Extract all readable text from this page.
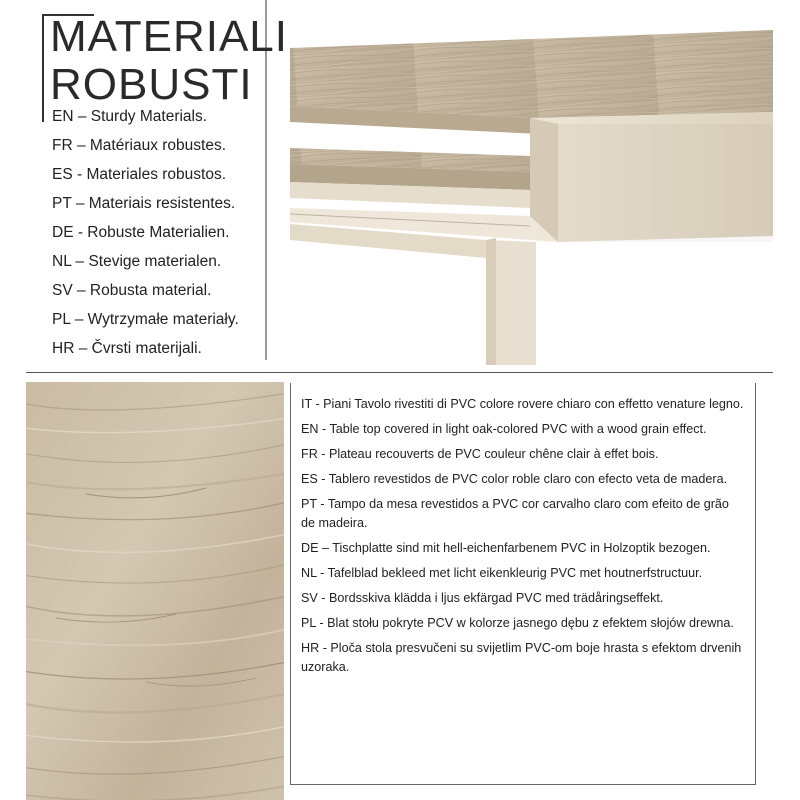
MATERIALI
ROBUSTI
EN – Sturdy Materials.
FR – Matériaux robustes.
ES - Materiales robustos.
PT – Materiais resistentes.
DE - Robuste Materialien.
NL – Stevige materialen.
SV – Robusta material.
PL – Wytrzymałe materiały.
HR – Čvrsti materijali.
IT - Piani Tavolo rivestiti di PVC colore rovere chiaro con effetto venature legno.
EN - Table top covered in light oak-colored PVC with a wood grain effect.
FR - Plateau recouverts de PVC couleur chêne clair à effet bois.
ES - Tablero revestidos de PVC color roble claro con efecto veta de madera.
PT - Tampo da mesa revestidos a PVC cor carvalho claro com efeito de grão de madeira.
DE – Tischplatte sind mit hell-eichenfarbenem PVC in Holzoptik bezogen.
NL - Tafelblad bekleed met licht eikenkleurig PVC met houtnerfstructuur.
SV - Bordsskiva klädda i ljus ekfärgad PVC med trädåringseffekt.
PL - Blat stołu pokryte PCV w kolorze jasnego dębu z efektem słojów drewna.
HR - Ploča stola presvučeni su svijetlim PVC-om boje hrasta s efektom drvenih uzoraka.
